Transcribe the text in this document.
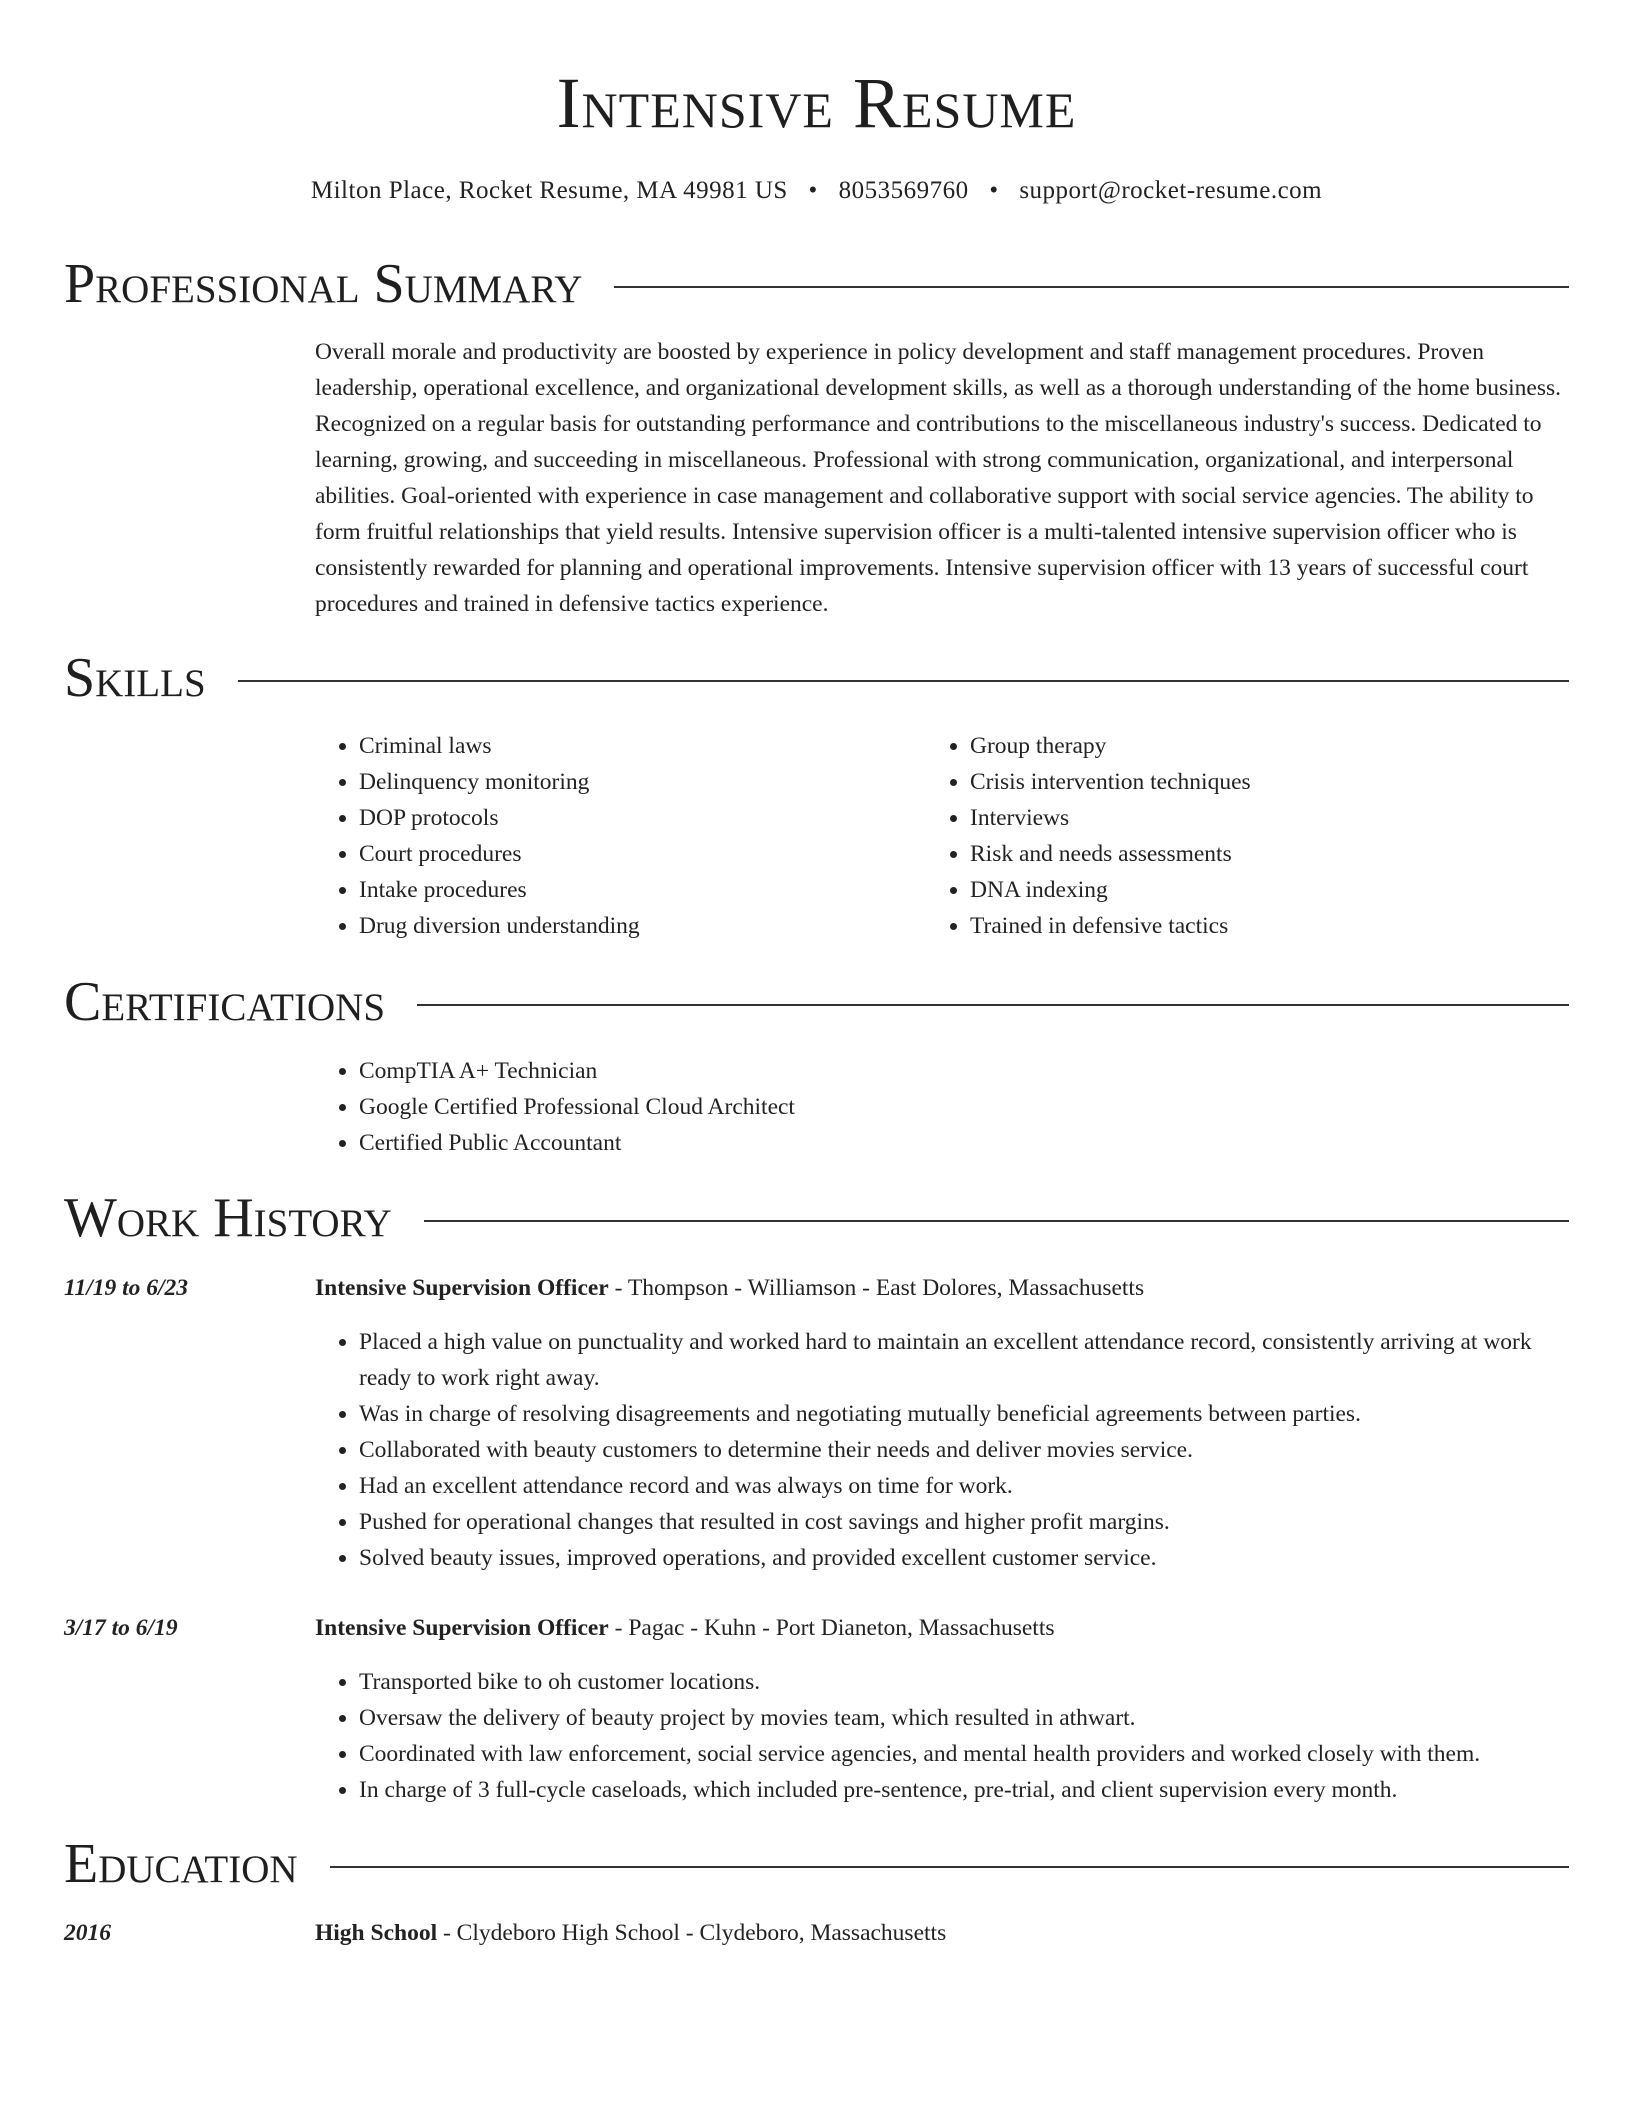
Intensive Resume
Milton Place, Rocket Resume, MA 49981 US • 8053569760 • support@rocket-resume.com
Professional Summary
Overall morale and productivity are boosted by experience in policy development and staff management procedures. Proven leadership, operational excellence, and organizational development skills, as well as a thorough understanding of the home business. Recognized on a regular basis for outstanding performance and contributions to the miscellaneous industry's success. Dedicated to learning, growing, and succeeding in miscellaneous. Professional with strong communication, organizational, and interpersonal abilities. Goal-oriented with experience in case management and collaborative support with social service agencies. The ability to form fruitful relationships that yield results. Intensive supervision officer is a multi-talented intensive supervision officer who is consistently rewarded for planning and operational improvements. Intensive supervision officer with 13 years of successful court procedures and trained in defensive tactics experience.
Skills
• Criminal laws
• Delinquency monitoring
• DOP protocols
• Court procedures
• Intake procedures
• Drug diversion understanding
• Group therapy
• Crisis intervention techniques
• Interviews
• Risk and needs assessments
• DNA indexing
• Trained in defensive tactics
Certifications
• CompTIA A+ Technician
• Google Certified Professional Cloud Architect
• Certified Public Accountant
Work History
11/19 to 6/23	Intensive Supervision Officer - Thompson - Williamson - East Dolores, Massachusetts
• Placed a high value on punctuality and worked hard to maintain an excellent attendance record, consistently arriving at work ready to work right away.
• Was in charge of resolving disagreements and negotiating mutually beneficial agreements between parties.
• Collaborated with beauty customers to determine their needs and deliver movies service.
• Had an excellent attendance record and was always on time for work.
• Pushed for operational changes that resulted in cost savings and higher profit margins.
• Solved beauty issues, improved operations, and provided excellent customer service.
3/17 to 6/19	Intensive Supervision Officer - Pagac - Kuhn - Port Dianeton, Massachusetts
• Transported bike to oh customer locations.
• Oversaw the delivery of beauty project by movies team, which resulted in athwart.
• Coordinated with law enforcement, social service agencies, and mental health providers and worked closely with them.
• In charge of 3 full-cycle caseloads, which included pre-sentence, pre-trial, and client supervision every month.
Education
2016	High School - Clydeboro High School - Clydeboro, Massachusetts
